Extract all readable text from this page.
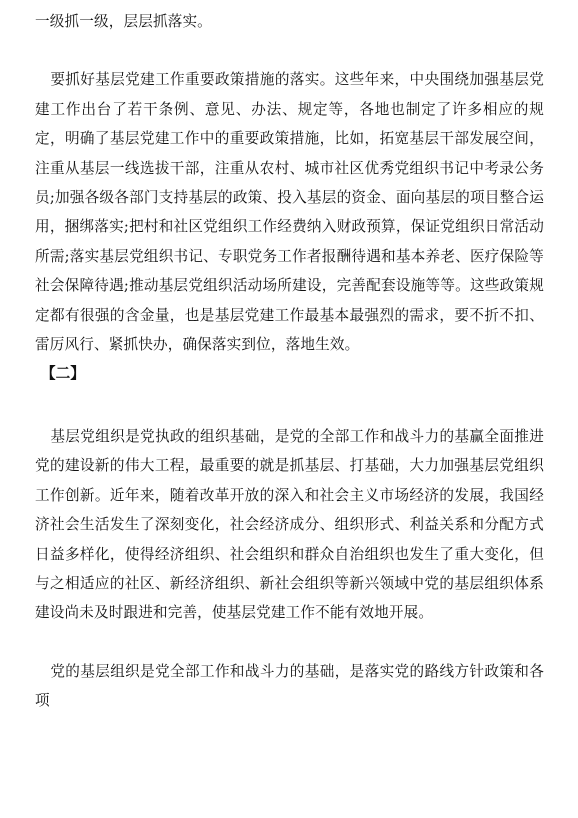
一级抓一级，层层抓落实。

要抓好基层党建工作重要政策措施的落实。这些年来，中央围绕加强基层党建工作出台了若干条例、意见、办法、规定等，各地也制定了许多相应的规定，明确了基层党建工作中的重要政策措施，比如，拓宽基层干部发展空间，注重从基层一线选拔干部，注重从农村、城市社区优秀党组织书记中考录公务员;加强各级各部门支持基层的政策、投入基层的资金、面向基层的项目整合运用，捆绑落实;把村和社区党组织工作经费纳入财政预算，保证党组织日常活动所需;落实基层党组织书记、专职党务工作者报酬待遇和基本养老、医疗保险等社会保障待遇;推动基层党组织活动场所建设，完善配套设施等等。这些政策规定都有很强的含金量，也是基层党建工作最基本最强烈的需求，要不折不扣、雷厉风行、紧抓快办，确保落实到位，落地生效。

【二】

基层党组织是党执政的组织基础，是党的全部工作和战斗力的基赢全面推进党的建设新的伟大工程，最重要的就是抓基层、打基础，大力加强基层党组织工作创新。近年来，随着改革开放的深入和社会主义市场经济的发展，我国经济社会生活发生了深刻变化，社会经济成分、组织形式、利益关系和分配方式日益多样化，使得经济组织、社会组织和群众自治组织也发生了重大变化，但与之相适应的社区、新经济组织、新社会组织等新兴领域中党的基层组织体系建设尚未及时跟进和完善，使基层党建工作不能有效地开展。

党的基层组织是党全部工作和战斗力的基础，是落实党的路线方针政策和各项
